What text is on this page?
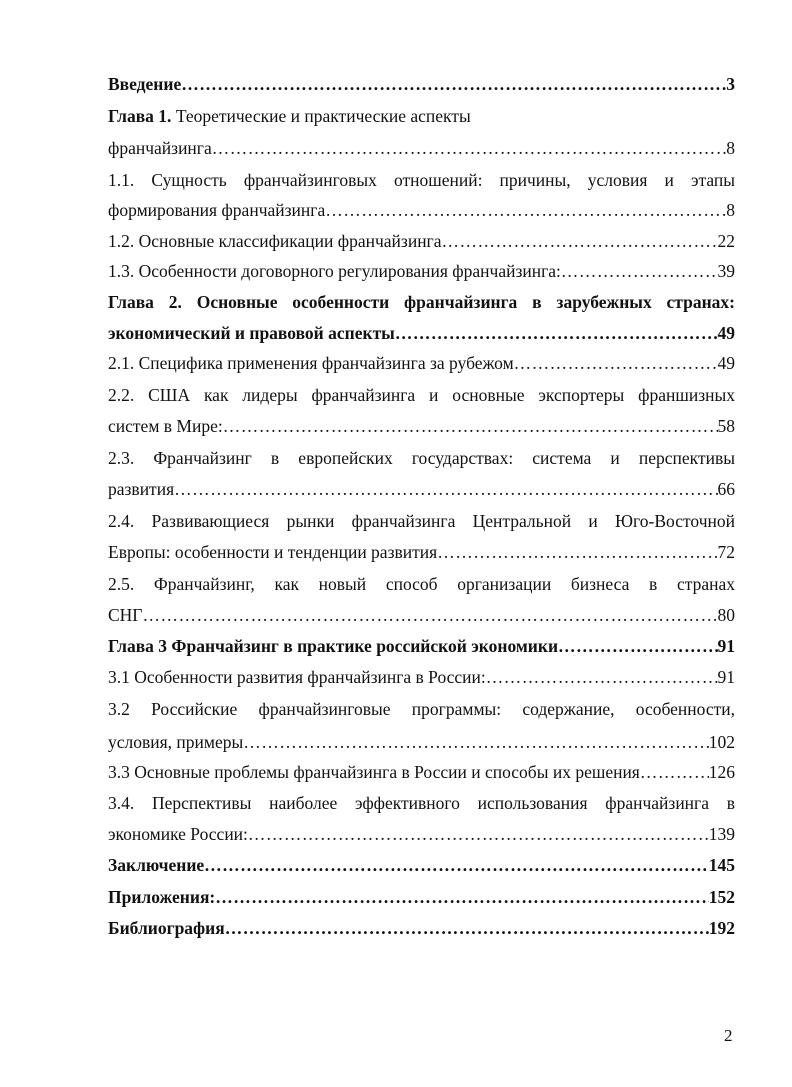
Введение …………………………………………………………………………………………………………………………………………………………………………	3
Глава 1. Теоретические и практические аспекты
франчайзинга …………………………………………………………………………………………………………………………………………………………………………	8
1.1. Сущность франчайзинговых отношений: причины, условия и этапы
формирования франчайзинга …………………………………………………………………………………………………………………………………………………………………………	8
1.2. Основные классификации франчайзинга …………………………………………………………………………………………………………………………………………………………………………	22
1.3. Особенности договорного регулирования франчайзинга: …………………………………………………………………………………………………………………………………………………………………………	39
Глава 2. Основные особенности франчайзинга в зарубежных странах:
экономический и правовой аспекты …………………………………………………………………………………………………………………………………………………………………………	49
2.1. Специфика применения франчайзинга за рубежом …………………………………………………………………………………………………………………………………………………………………………	49
2.2. США как лидеры франчайзинга и основные экспортеры франшизных
систем в Мире: …………………………………………………………………………………………………………………………………………………………………………	58
2.3. Франчайзинг в европейских государствах: система и перспективы
развития …………………………………………………………………………………………………………………………………………………………………………	66
2.4. Развивающиеся рынки франчайзинга Центральной и Юго-Восточной
Европы: особенности и тенденции развития …………………………………………………………………………………………………………………………………………………………………………	72
2.5. Франчайзинг, как новый способ организации бизнеса в странах
СНГ …………………………………………………………………………………………………………………………………………………………………………	80
Глава 3 Франчайзинг в практике российской экономики …………………………………………………………………………………………………………………………………………………………………………	91
3.1 Особенности развития франчайзинга в России: …………………………………………………………………………………………………………………………………………………………………………	91
3.2 Российские франчайзинговые программы: содержание, особенности,
условия, примеры …………………………………………………………………………………………………………………………………………………………………………	102
3.3 Основные проблемы франчайзинга в России и способы их решения …………………………………………………………………………………………………………………………………………………………………………	126
3.4. Перспективы наиболее эффективного использования франчайзинга в
экономике России: …………………………………………………………………………………………………………………………………………………………………………	139
Заключение …………………………………………………………………………………………………………………………………………………………………………	145
Приложения: …………………………………………………………………………………………………………………………………………………………………………	152
Библиография …………………………………………………………………………………………………………………………………………………………………………	192
2
